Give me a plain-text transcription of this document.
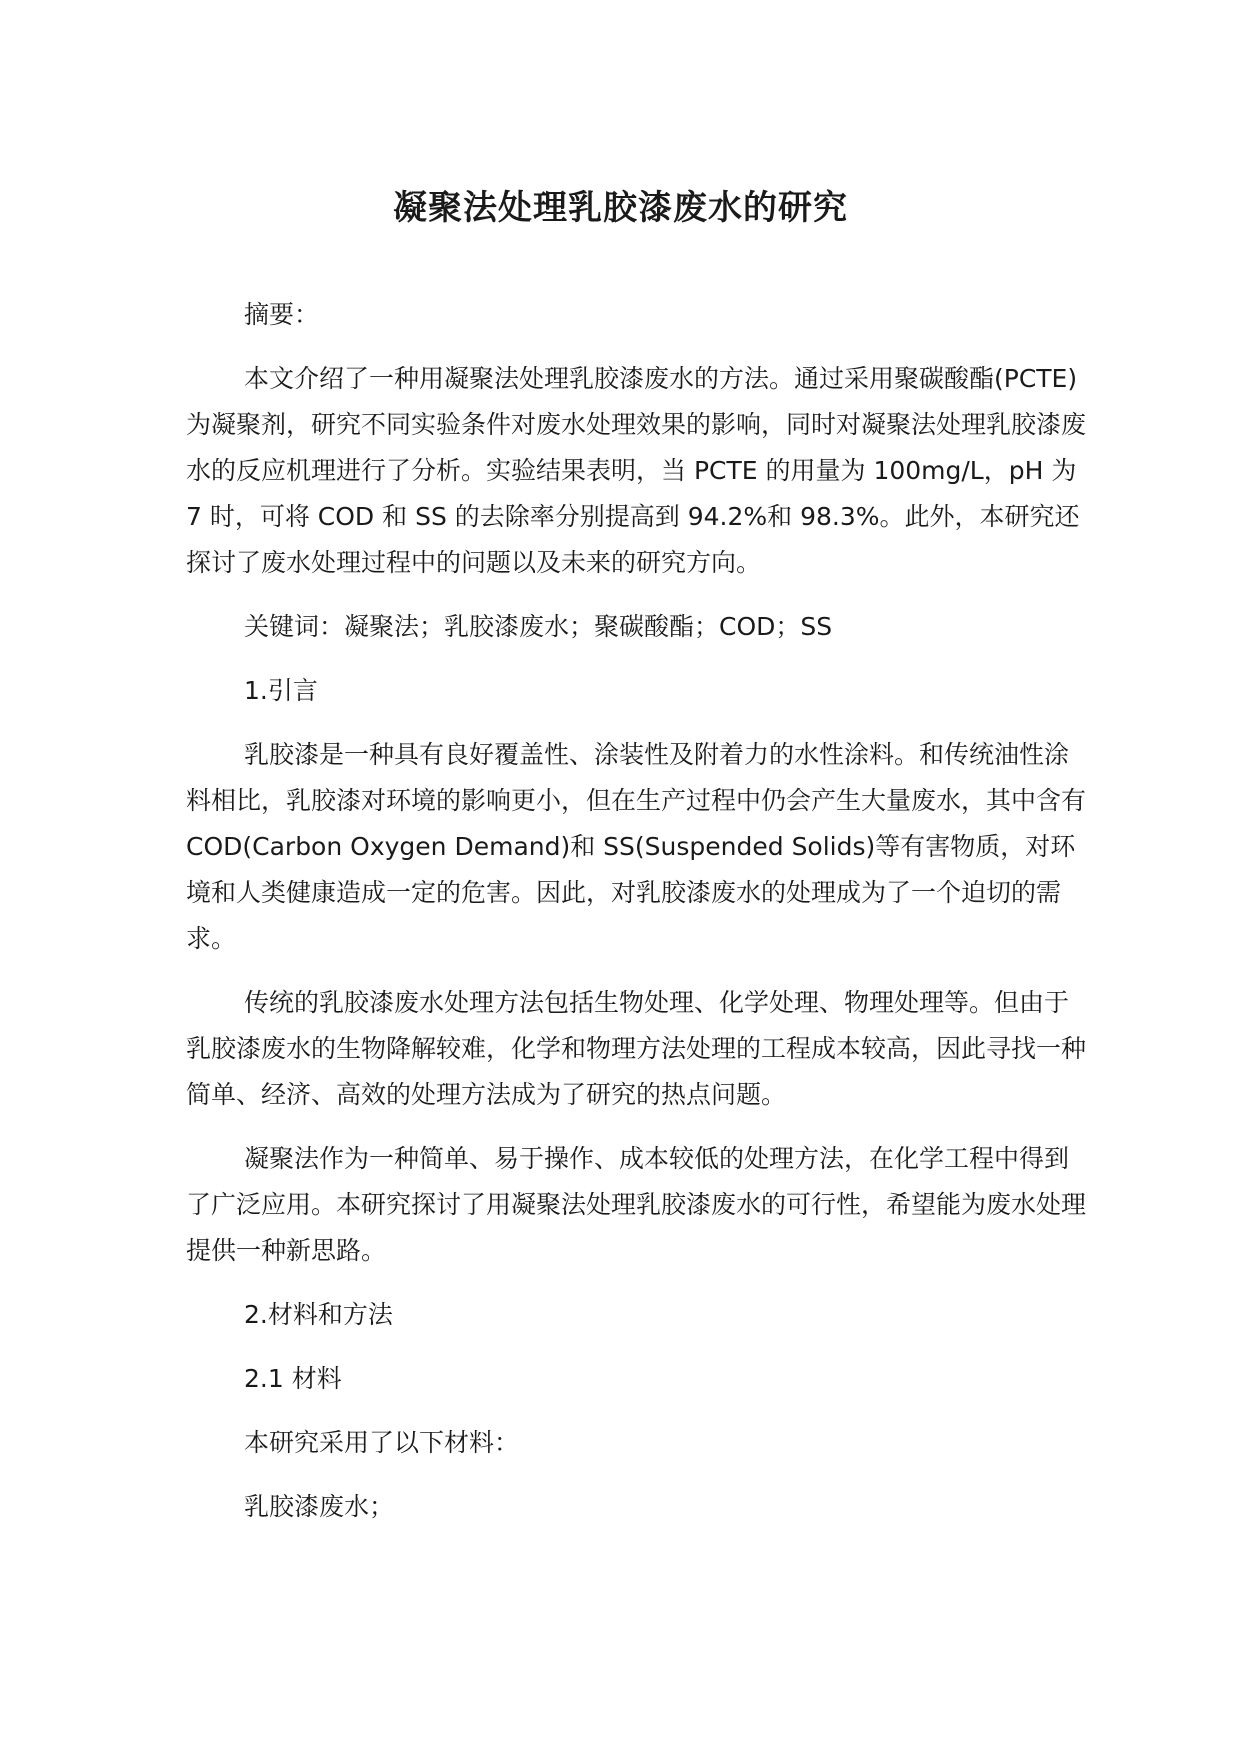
凝聚法处理乳胶漆废水的研究

摘要：

本文介绍了一种用凝聚法处理乳胶漆废水的方法。通过采用聚碳酸酯(PCTE)为凝聚剂，研究不同实验条件对废水处理效果的影响，同时对凝聚法处理乳胶漆废水的反应机理进行了分析。实验结果表明，当 PCTE 的用量为 100mg/L，pH 为 7 时，可将 COD 和 SS 的去除率分别提高到 94.2%和 98.3%。此外，本研究还探讨了废水处理过程中的问题以及未来的研究方向。

关键词：凝聚法；乳胶漆废水；聚碳酸酯；COD；SS

1.引言

乳胶漆是一种具有良好覆盖性、涂装性及附着力的水性涂料。和传统油性涂料相比，乳胶漆对环境的影响更小，但在生产过程中仍会产生大量废水，其中含有 COD(Carbon Oxygen Demand)和 SS(Suspended Solids)等有害物质，对环境和人类健康造成一定的危害。因此，对乳胶漆废水的处理成为了一个迫切的需求。

传统的乳胶漆废水处理方法包括生物处理、化学处理、物理处理等。但由于乳胶漆废水的生物降解较难，化学和物理方法处理的工程成本较高，因此寻找一种简单、经济、高效的处理方法成为了研究的热点问题。

凝聚法作为一种简单、易于操作、成本较低的处理方法，在化学工程中得到了广泛应用。本研究探讨了用凝聚法处理乳胶漆废水的可行性，希望能为废水处理提供一种新思路。

2.材料和方法

2.1 材料

本研究采用了以下材料：

乳胶漆废水；
